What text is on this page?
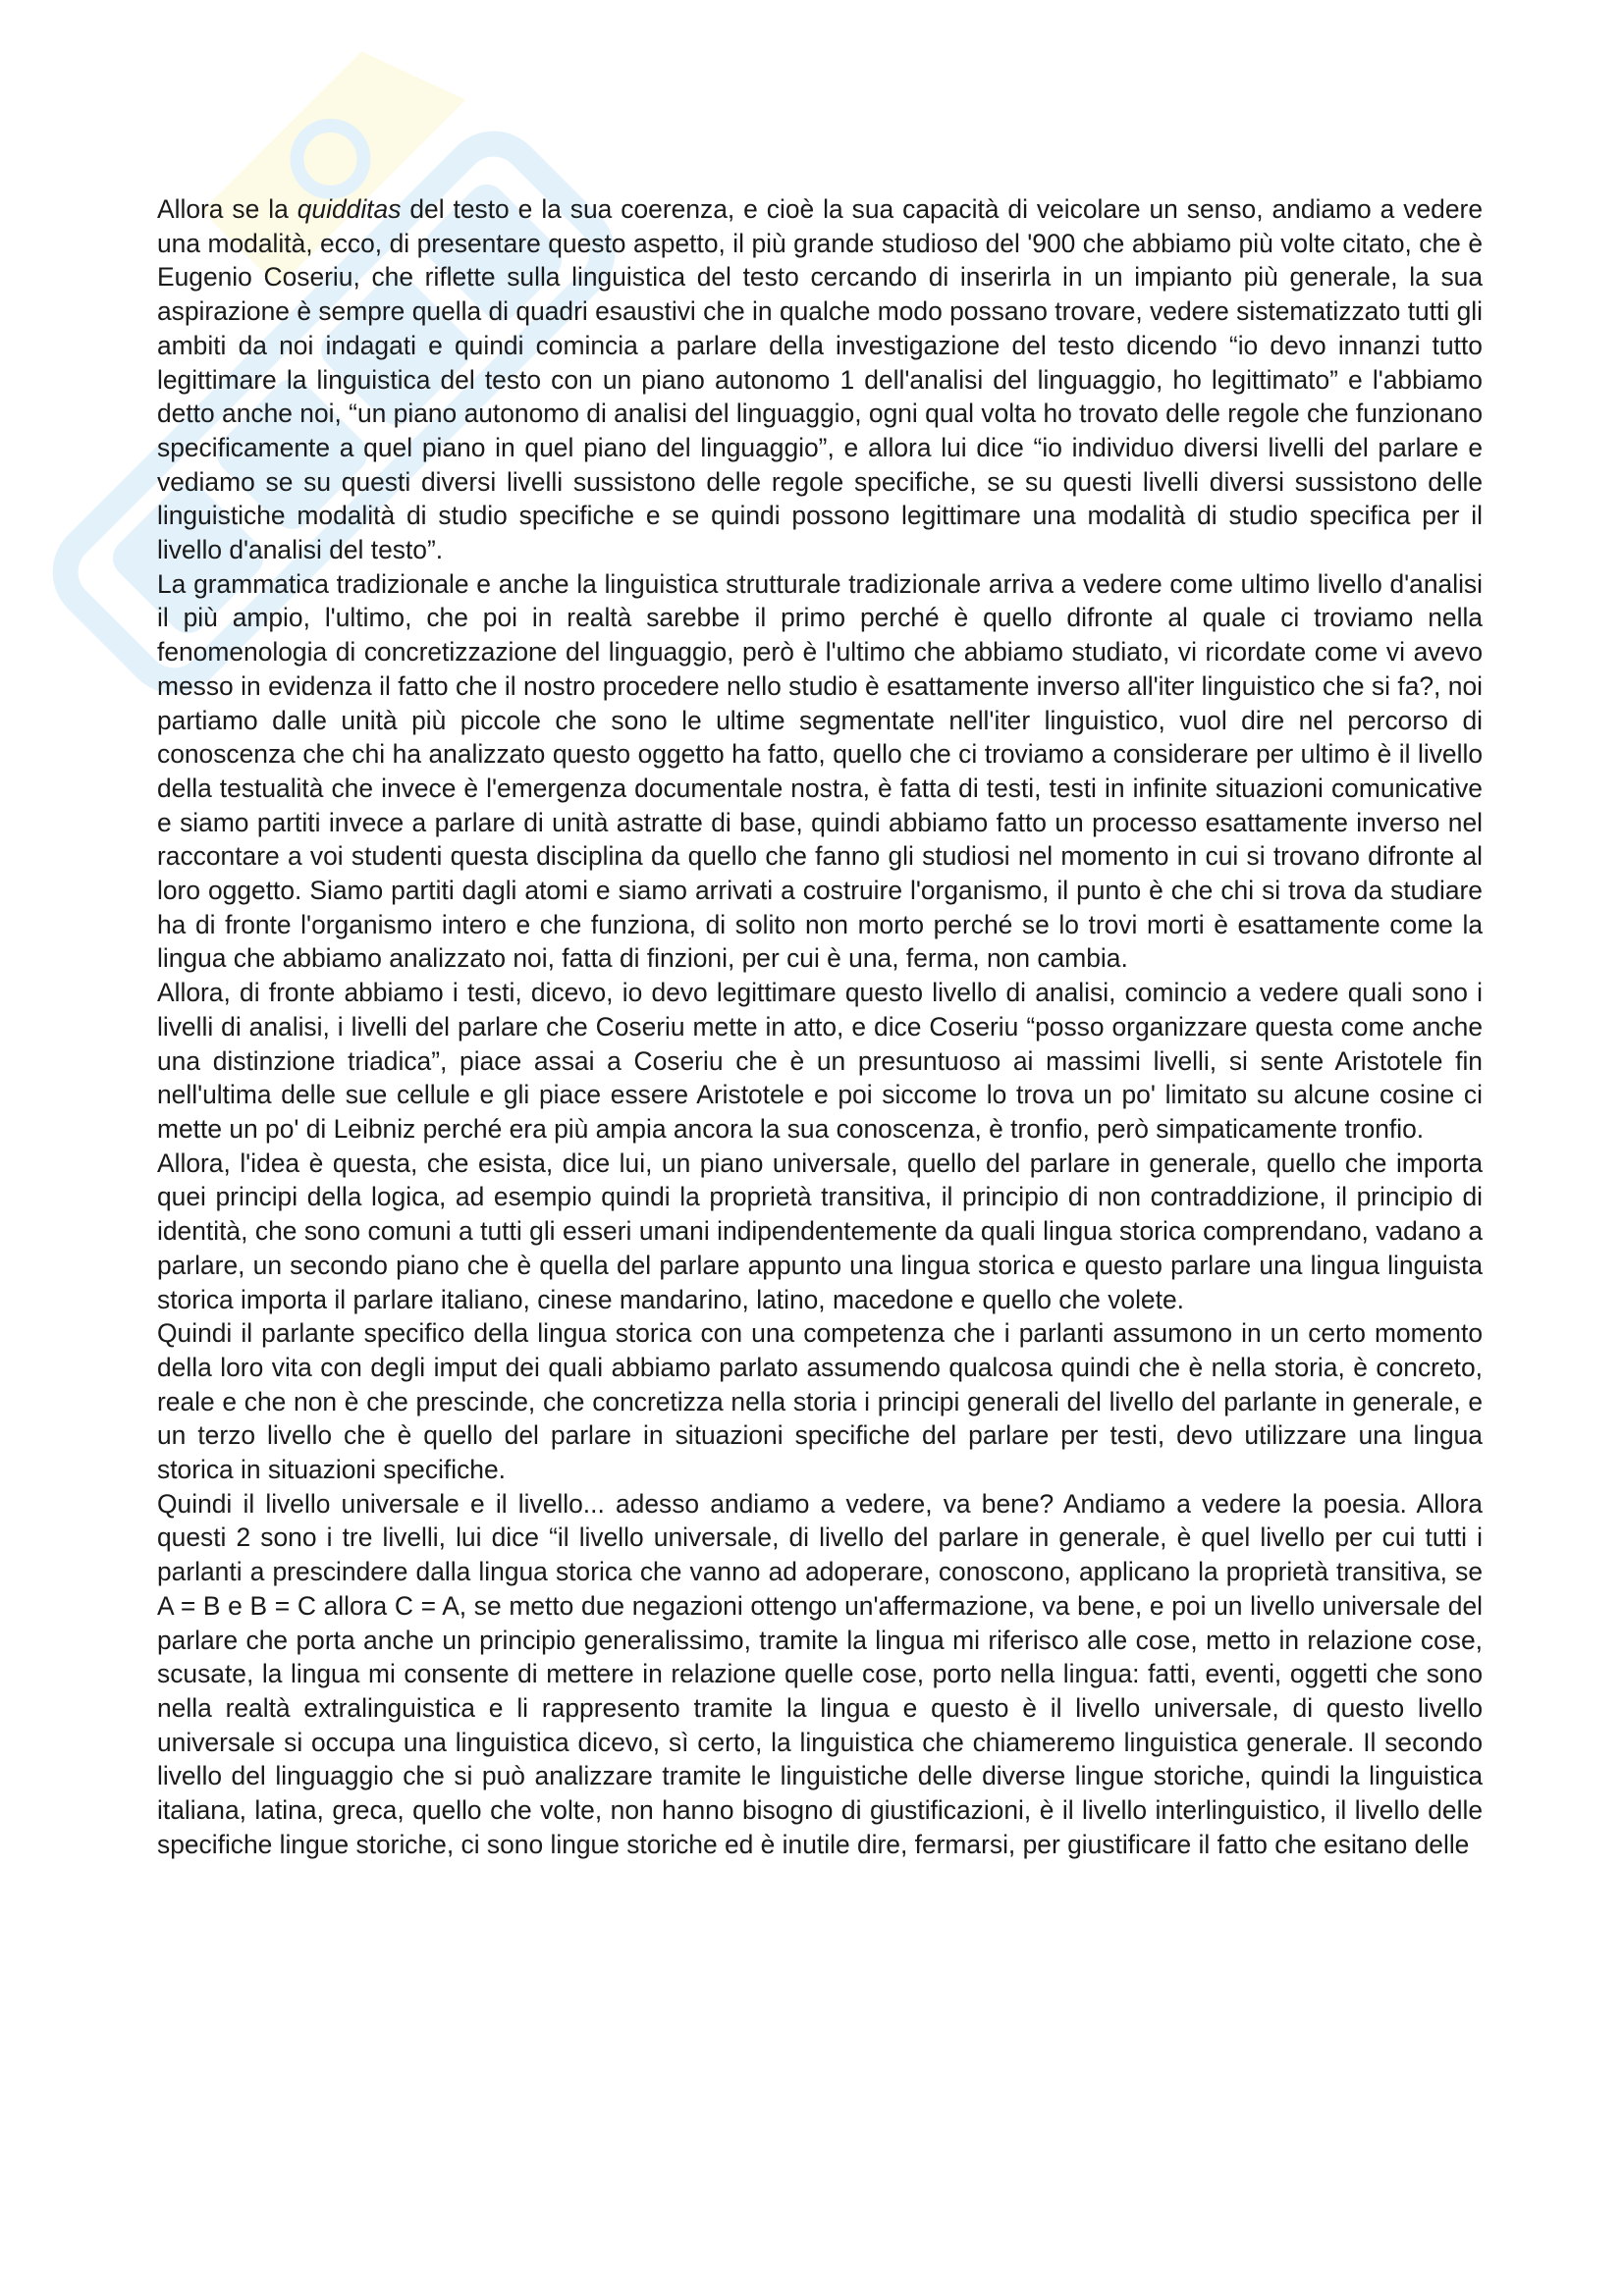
Allora se la quidditas del testo e la sua coerenza, e cioè la sua capacità di veicolare un senso, andiamo a vedere una modalità, ecco, di presentare questo aspetto, il più grande studioso del '900 che abbiamo più volte citato, che è Eugenio Coseriu, che riflette sulla linguistica del testo cercando di inserirla in un impianto più generale, la sua aspirazione è sempre quella di quadri esaustivi che in qualche modo possano trovare, vedere sistematizzato tutti gli ambiti da noi indagati e quindi comincia a parlare della investigazione del testo dicendo “io devo innanzi tutto legittimare la linguistica del testo con un piano autonomo 1 dell'analisi del linguaggio, ho legittimato” e l'abbiamo detto anche noi, “un piano autonomo di analisi del linguaggio, ogni qual volta ho trovato delle regole che funzionano specificamente a quel piano in quel piano del linguaggio”, e allora lui dice “io individuo diversi livelli del parlare e vediamo se su questi diversi livelli sussistono delle regole specifiche, se su questi livelli diversi sussistono delle linguistiche modalità di studio specifiche e se quindi possono legittimare una modalità di studio specifica per il livello d'analisi del testo”.

La grammatica tradizionale e anche la linguistica strutturale tradizionale arriva a vedere come ultimo livello d'analisi il più ampio, l'ultimo, che poi in realtà sarebbe il primo perché è quello difronte al quale ci troviamo nella fenomenologia di concretizzazione del linguaggio, però è l'ultimo che abbiamo studiato, vi ricordate come vi avevo messo in evidenza il fatto che il nostro procedere nello studio è esattamente inverso all'iter linguistico che si fa?, noi partiamo dalle unità più piccole che sono le ultime segmentate nell'iter linguistico, vuol dire nel percorso di conoscenza che chi ha analizzato questo oggetto ha fatto, quello che ci troviamo a considerare per ultimo è il livello della testualità che invece è l'emergenza documentale nostra, è fatta di testi, testi in infinite situazioni comunicative e siamo partiti invece a parlare di unità astratte di base, quindi abbiamo fatto un processo esattamente inverso nel raccontare a voi studenti questa disciplina da quello che fanno gli studiosi nel momento in cui si trovano difronte al loro oggetto. Siamo partiti dagli atomi e siamo arrivati a costruire l'organismo, il punto è che chi si trova da studiare ha di fronte l'organismo intero e che funziona, di solito non morto perché se lo trovi morti è esattamente come la lingua che abbiamo analizzato noi, fatta di finzioni, per cui è una, ferma, non cambia.

Allora, di fronte abbiamo i testi, dicevo, io devo legittimare questo livello di analisi, comincio a vedere quali sono i livelli di analisi, i livelli del parlare che Coseriu mette in atto, e dice Coseriu “posso organizzare questa come anche una distinzione triadica”, piace assai a Coseriu che è un presuntuoso ai massimi livelli, si sente Aristotele fin nell'ultima delle sue cellule e gli piace essere Aristotele e poi siccome lo trova un po' limitato su alcune cosine ci mette un po' di Leibniz perché era più ampia ancora la sua conoscenza, è tronfio, però simpaticamente tronfio.

Allora, l'idea è questa, che esista, dice lui, un piano universale, quello del parlare in generale, quello che importa quei principi della logica, ad esempio quindi la proprietà transitiva, il principio di non contraddizione, il principio di identità, che sono comuni a tutti gli esseri umani indipendentemente da quali lingua storica comprendano, vadano a parlare, un secondo piano che è quella del parlare appunto una lingua storica e questo parlare una lingua linguista storica importa il parlare italiano, cinese mandarino, latino, macedone e quello che volete.

Quindi il parlante specifico della lingua storica con una competenza che i parlanti assumono in un certo momento della loro vita con degli imput dei quali abbiamo parlato assumendo qualcosa quindi che è nella storia, è concreto, reale e che non è che prescinde, che concretizza nella storia i principi generali del livello del parlante in generale, e un terzo livello che è quello del parlare in situazioni specifiche del parlare per testi, devo utilizzare una lingua storica in situazioni specifiche.

Quindi il livello universale e il livello... adesso andiamo a vedere, va bene? Andiamo a vedere la poesia. Allora questi 2 sono i tre livelli, lui dice “il livello universale, di livello del parlare in generale, è quel livello per cui tutti i parlanti a prescindere dalla lingua storica che vanno ad adoperare, conoscono, applicano la proprietà transitiva, se A = B e B = C allora C = A, se metto due negazioni ottengo un'affermazione, va bene, e poi un livello universale del parlare che porta anche un principio generalissimo, tramite la lingua mi riferisco alle cose, metto in relazione cose, scusate, la lingua mi consente di mettere in relazione quelle cose, porto nella lingua: fatti, eventi, oggetti che sono nella realtà extralinguistica e li rappresento tramite la lingua e questo è il livello universale, di questo livello universale si occupa una linguistica dicevo, sì certo, la linguistica che chiameremo linguistica generale. Il secondo livello del linguaggio che si può analizzare tramite le linguistiche delle diverse lingue storiche, quindi la linguistica italiana, latina, greca, quello che volte, non hanno bisogno di giustificazioni, è il livello interlinguistico, il livello delle specifiche lingue storiche, ci sono lingue storiche ed è inutile dire, fermarsi, per giustificare il fatto che esitano delle
